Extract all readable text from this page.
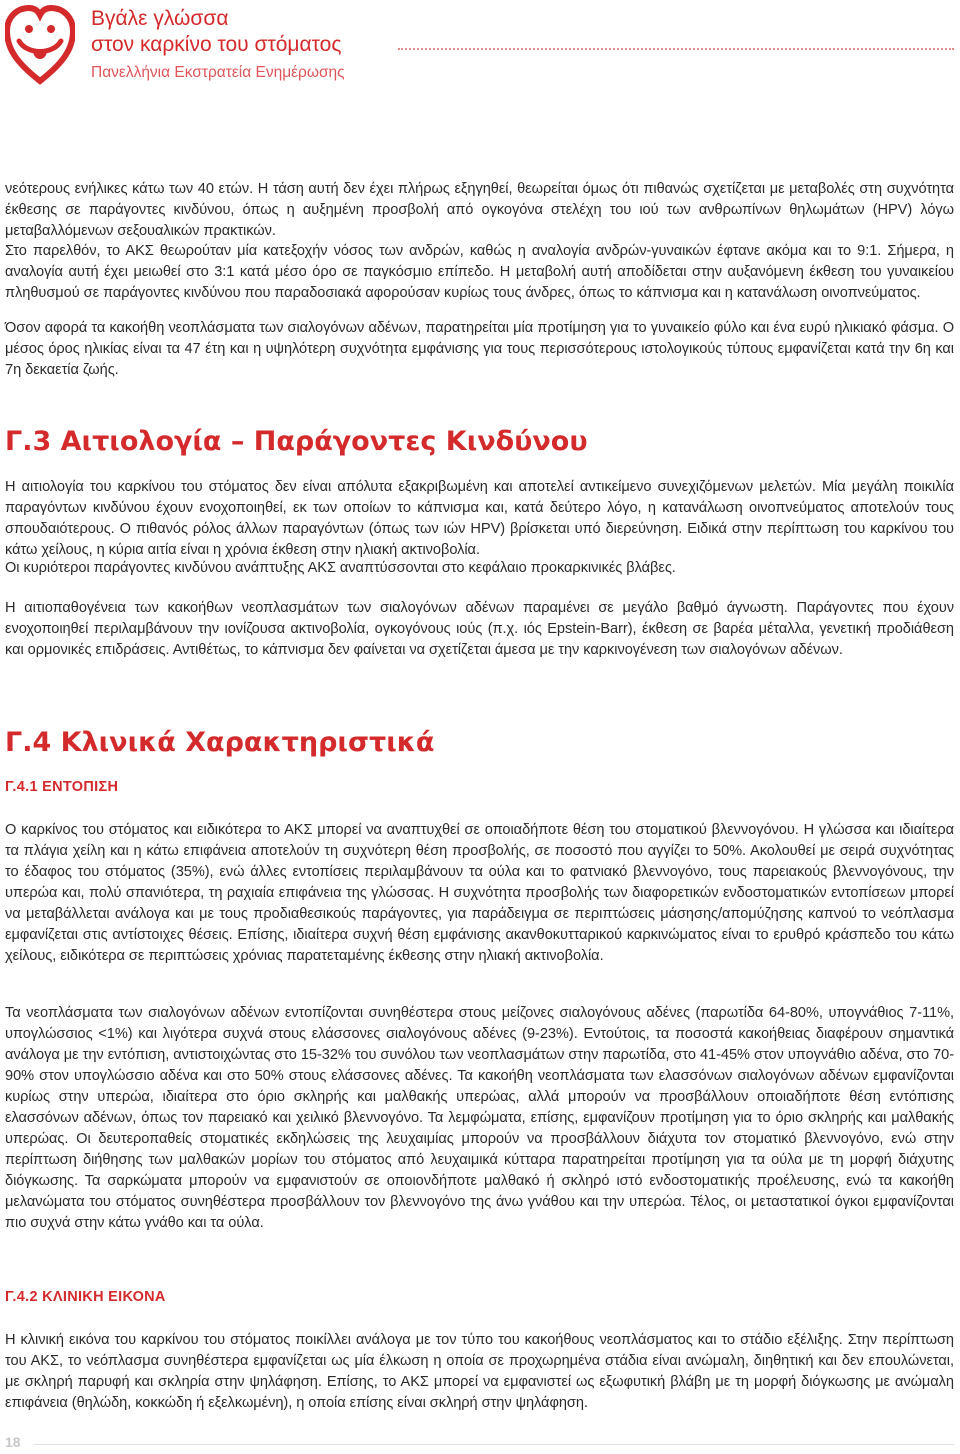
Βγάλε γλώσσα
στον καρκίνο του στόματος
Πανελλήνια Εκστρατεία Ενημέρωσης

νεότερους ενήλικες κάτω των 40 ετών. Η τάση αυτή δεν έχει πλήρως εξηγηθεί, θεωρείται όμως ότι πιθανώς σχετίζεται με μεταβολές στη συχνότητα έκθεσης σε παράγοντες κινδύνου, όπως η αυξημένη προσβολή από ογκογόνα στελέχη του ιού των ανθρωπίνων θηλωμάτων (HPV) λόγω μεταβαλλόμενων σεξουαλικών πρακτικών.

Στο παρελθόν, το ΑΚΣ θεωρούταν μία κατεξοχήν νόσος των ανδρών, καθώς η αναλογία ανδρών-γυναικών έφτανε ακόμα και το 9:1. Σήμερα, η αναλογία αυτή έχει μειωθεί στο 3:1 κατά μέσο όρο σε παγκόσμιο επίπεδο. Η μεταβολή αυτή αποδίδεται στην αυξανόμενη έκθεση του γυναικείου πληθυσμού σε παράγοντες κινδύνου που παραδοσιακά αφορούσαν κυρίως τους άνδρες, όπως το κάπνισμα και η κατανάλωση οινοπνεύματος.

Όσον αφορά τα κακοήθη νεοπλάσματα των σιαλογόνων αδένων, παρατηρείται μία προτίμηση για το γυναικείο φύλο και ένα ευρύ ηλικιακό φάσμα. Ο μέσος όρος ηλικίας είναι τα 47 έτη και η υψηλότερη συχνότητα εμφάνισης για τους περισσότερους ιστολογικούς τύπους εμφανίζεται κατά την 6η και 7η δεκαετία ζωής.

Γ.3 Αιτιολογία – Παράγοντες Κινδύνου

Η αιτιολογία του καρκίνου του στόματος δεν είναι απόλυτα εξακριβωμένη και αποτελεί αντικείμενο συνεχιζόμενων μελετών. Μία μεγάλη ποικιλία παραγόντων κινδύνου έχουν ενοχοποιηθεί, εκ των οποίων το κάπνισμα και, κατά δεύτερο λόγο, η κατανάλωση οινοπνεύματος αποτελούν τους σπουδαιότερους. Ο πιθανός ρόλος άλλων παραγόντων (όπως των ιών HPV) βρίσκεται υπό διερεύνηση. Ειδικά στην περίπτωση του καρκίνου του κάτω χείλους, η κύρια αιτία είναι η χρόνια έκθεση στην ηλιακή ακτινοβολία.

Οι κυριότεροι παράγοντες κινδύνου ανάπτυξης ΑΚΣ αναπτύσσονται στο κεφάλαιο προκαρκινικές βλάβες.

Η αιτιοπαθογένεια των κακοήθων νεοπλασμάτων των σιαλογόνων αδένων παραμένει σε μεγάλο βαθμό άγνωστη. Παράγοντες που έχουν ενοχοποιηθεί περιλαμβάνουν την ιονίζουσα ακτινοβολία, ογκογόνους ιούς (π.χ. ιός Epstein-Barr), έκθεση σε βαρέα μέταλλα, γενετική προδιάθεση και ορμονικές επιδράσεις. Αντιθέτως, το κάπνισμα δεν φαίνεται να σχετίζεται άμεσα με την καρκινογένεση των σιαλογόνων αδένων.

Γ.4 Κλινικά Χαρακτηριστικά
Γ.4.1 ΕΝΤΟΠΙΣΗ

Ο καρκίνος του στόματος και ειδικότερα το ΑΚΣ μπορεί να αναπτυχθεί σε οποιαδήποτε θέση του στοματικού βλεννογόνου. Η γλώσσα και ιδιαίτερα τα πλάγια χείλη και η κάτω επιφάνεια αποτελούν τη συχνότερη θέση προσβολής, σε ποσοστό που αγγίζει το 50%. Ακολουθεί με σειρά συχνότητας το έδαφος του στόματος (35%), ενώ άλλες εντοπίσεις περιλαμβάνουν τα ούλα και το φατνιακό βλεννογόνο, τους παρειακούς βλεννογόνους, την υπερώα και, πολύ σπανιότερα, τη ραχιαία επιφάνεια της γλώσσας. Η συχνότητα προσβολής των διαφορετικών ενδοστοματικών εντοπίσεων μπορεί να μεταβάλλεται ανάλογα και με τους προδιαθεσικούς παράγοντες, για παράδειγμα σε περιπτώσεις μάσησης/απομύζησης καπνού το νεόπλασμα εμφανίζεται στις αντίστοιχες θέσεις. Επίσης, ιδιαίτερα συχνή θέση εμφάνισης ακανθοκυτταρικού καρκινώματος είναι το ερυθρό κράσπεδο του κάτω χείλους, ειδικότερα σε περιπτώσεις χρόνιας παρατεταμένης έκθεσης στην ηλιακή ακτινοβολία.

Τα νεοπλάσματα των σιαλογόνων αδένων εντοπίζονται συνηθέστερα στους μείζονες σιαλογόνους αδένες (παρωτίδα 64-80%, υπογνάθιος 7-11%, υπογλώσσιος <1%) και λιγότερα συχνά στους ελάσσονες σιαλογόνους αδένες (9-23%). Εντούτοις, τα ποσοστά κακοήθειας διαφέρουν σημαντικά ανάλογα με την εντόπιση, αντιστοιχώντας στο 15-32% του συνόλου των νεοπλασμάτων στην παρωτίδα, στο 41-45% στον υπογνάθιο αδένα, στο 70-90% στον υπογλώσσιο αδένα και στο 50% στους ελάσσονες αδένες. Τα κακοήθη νεοπλάσματα των ελασσόνων σιαλογόνων αδένων εμφανίζονται κυρίως στην υπερώα, ιδιαίτερα στο όριο σκληρής και μαλθακής υπερώας, αλλά μπορούν να προσβάλλουν οποιαδήποτε θέση εντόπισης ελασσόνων αδένων, όπως τον παρειακό και χειλικό βλεννογόνο. Τα λεμφώματα, επίσης, εμφανίζουν προτίμηση για το όριο σκληρής και μαλθακής υπερώας. Οι δευτεροπαθείς στοματικές εκδηλώσεις της λευχαιμίας μπορούν να προσβάλλουν διάχυτα τον στοματικό βλεννογόνο, ενώ στην περίπτωση διήθησης των μαλθακών μορίων του στόματος από λευχαιμικά κύτταρα παρατηρείται προτίμηση για τα ούλα με τη μορφή διάχυτης διόγκωσης. Τα σαρκώματα μπορούν να εμφανιστούν σε οποιονδήποτε μαλθακό ή σκληρό ιστό ενδοστοματικής προέλευσης, ενώ τα κακοήθη μελανώματα του στόματος συνηθέστερα προσβάλλουν τον βλεννογόνο της άνω γνάθου και την υπερώα. Τέλος, οι μεταστατικοί όγκοι εμφανίζονται πιο συχνά στην κάτω γνάθο και τα ούλα.

Γ.4.2 ΚΛΙΝΙΚΗ ΕΙΚΟΝΑ

Η κλινική εικόνα του καρκίνου του στόματος ποικίλλει ανάλογα με τον τύπο του κακοήθους νεοπλάσματος και το στάδιο εξέλιξης. Στην περίπτωση του ΑΚΣ, το νεόπλασμα συνηθέστερα εμφανίζεται ως μία έλκωση η οποία σε προχωρημένα στάδια είναι ανώμαλη, διηθητική και δεν επουλώνεται, με σκληρή παρυφή και σκληρία στην ψηλάφηση. Επίσης, το ΑΚΣ μπορεί να εμφανιστεί ως εξωφυτική βλάβη με τη μορφή διόγκωσης με ανώμαλη επιφάνεια (θηλώδη, κοκκώδη ή εξελκωμένη), η οποία επίσης είναι σκληρή στην ψηλάφηση.

18
